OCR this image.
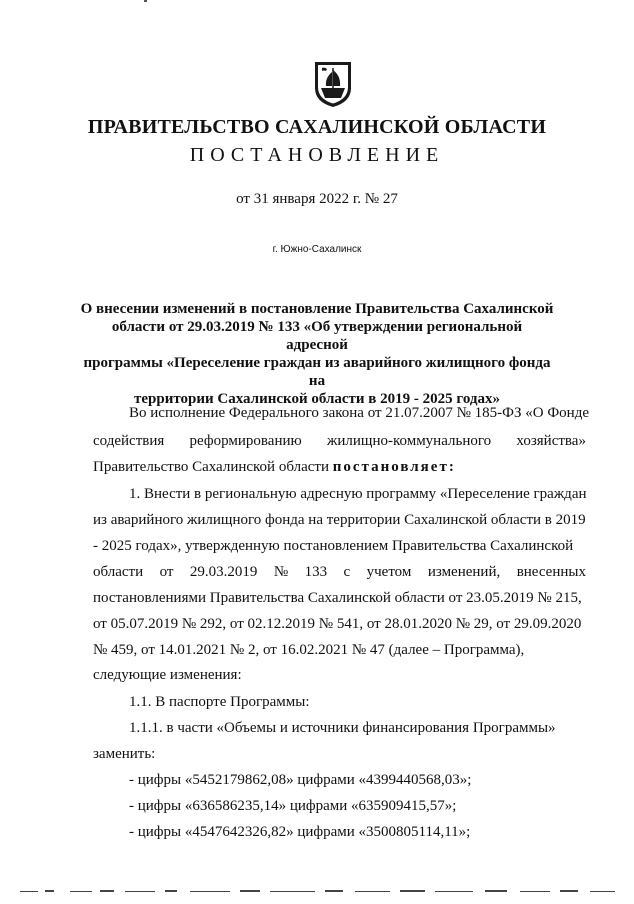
ПРАВИТЕЛЬСТВО САХАЛИНСКОЙ ОБЛАСТИ
ПОСТАНОВЛЕНИЕ
от 31 января 2022 г. № 27
г. Южно-Сахалинск
О внесении изменений в постановление Правительства Сахалинской
области от 29.03.2019 № 133 «Об утверждении региональной адресной
программы «Переселение граждан из аварийного жилищного фонда на
территории Сахалинской области в 2019 - 2025 годах»
Во исполнение Федерального закона от 21.07.2007 № 185-ФЗ «О Фонде
содействия реформированию жилищно-коммунального хозяйства»
Правительство Сахалинской области постановляет:
1. Внести в региональную адресную программу «Переселение граждан
из аварийного жилищного фонда на территории Сахалинской области в 2019
- 2025 годах», утвержденную постановлением Правительства Сахалинской
области от 29.03.2019 № 133 с учетом изменений, внесенных
постановлениями Правительства Сахалинской области от 23.05.2019 № 215,
от 05.07.2019 № 292, от 02.12.2019 № 541, от 28.01.2020 № 29, от 29.09.2020
№ 459, от 14.01.2021 № 2, от 16.02.2021 № 47 (далее – Программа),
следующие изменения:
1.1. В паспорте Программы:
1.1.1. в части «Объемы и источники финансирования Программы»
заменить:
- цифры «5452179862,08» цифрами «4399440568,03»;
- цифры «636586235,14» цифрами «635909415,57»;
- цифры «4547642326,82» цифрами «3500805114,11»;
